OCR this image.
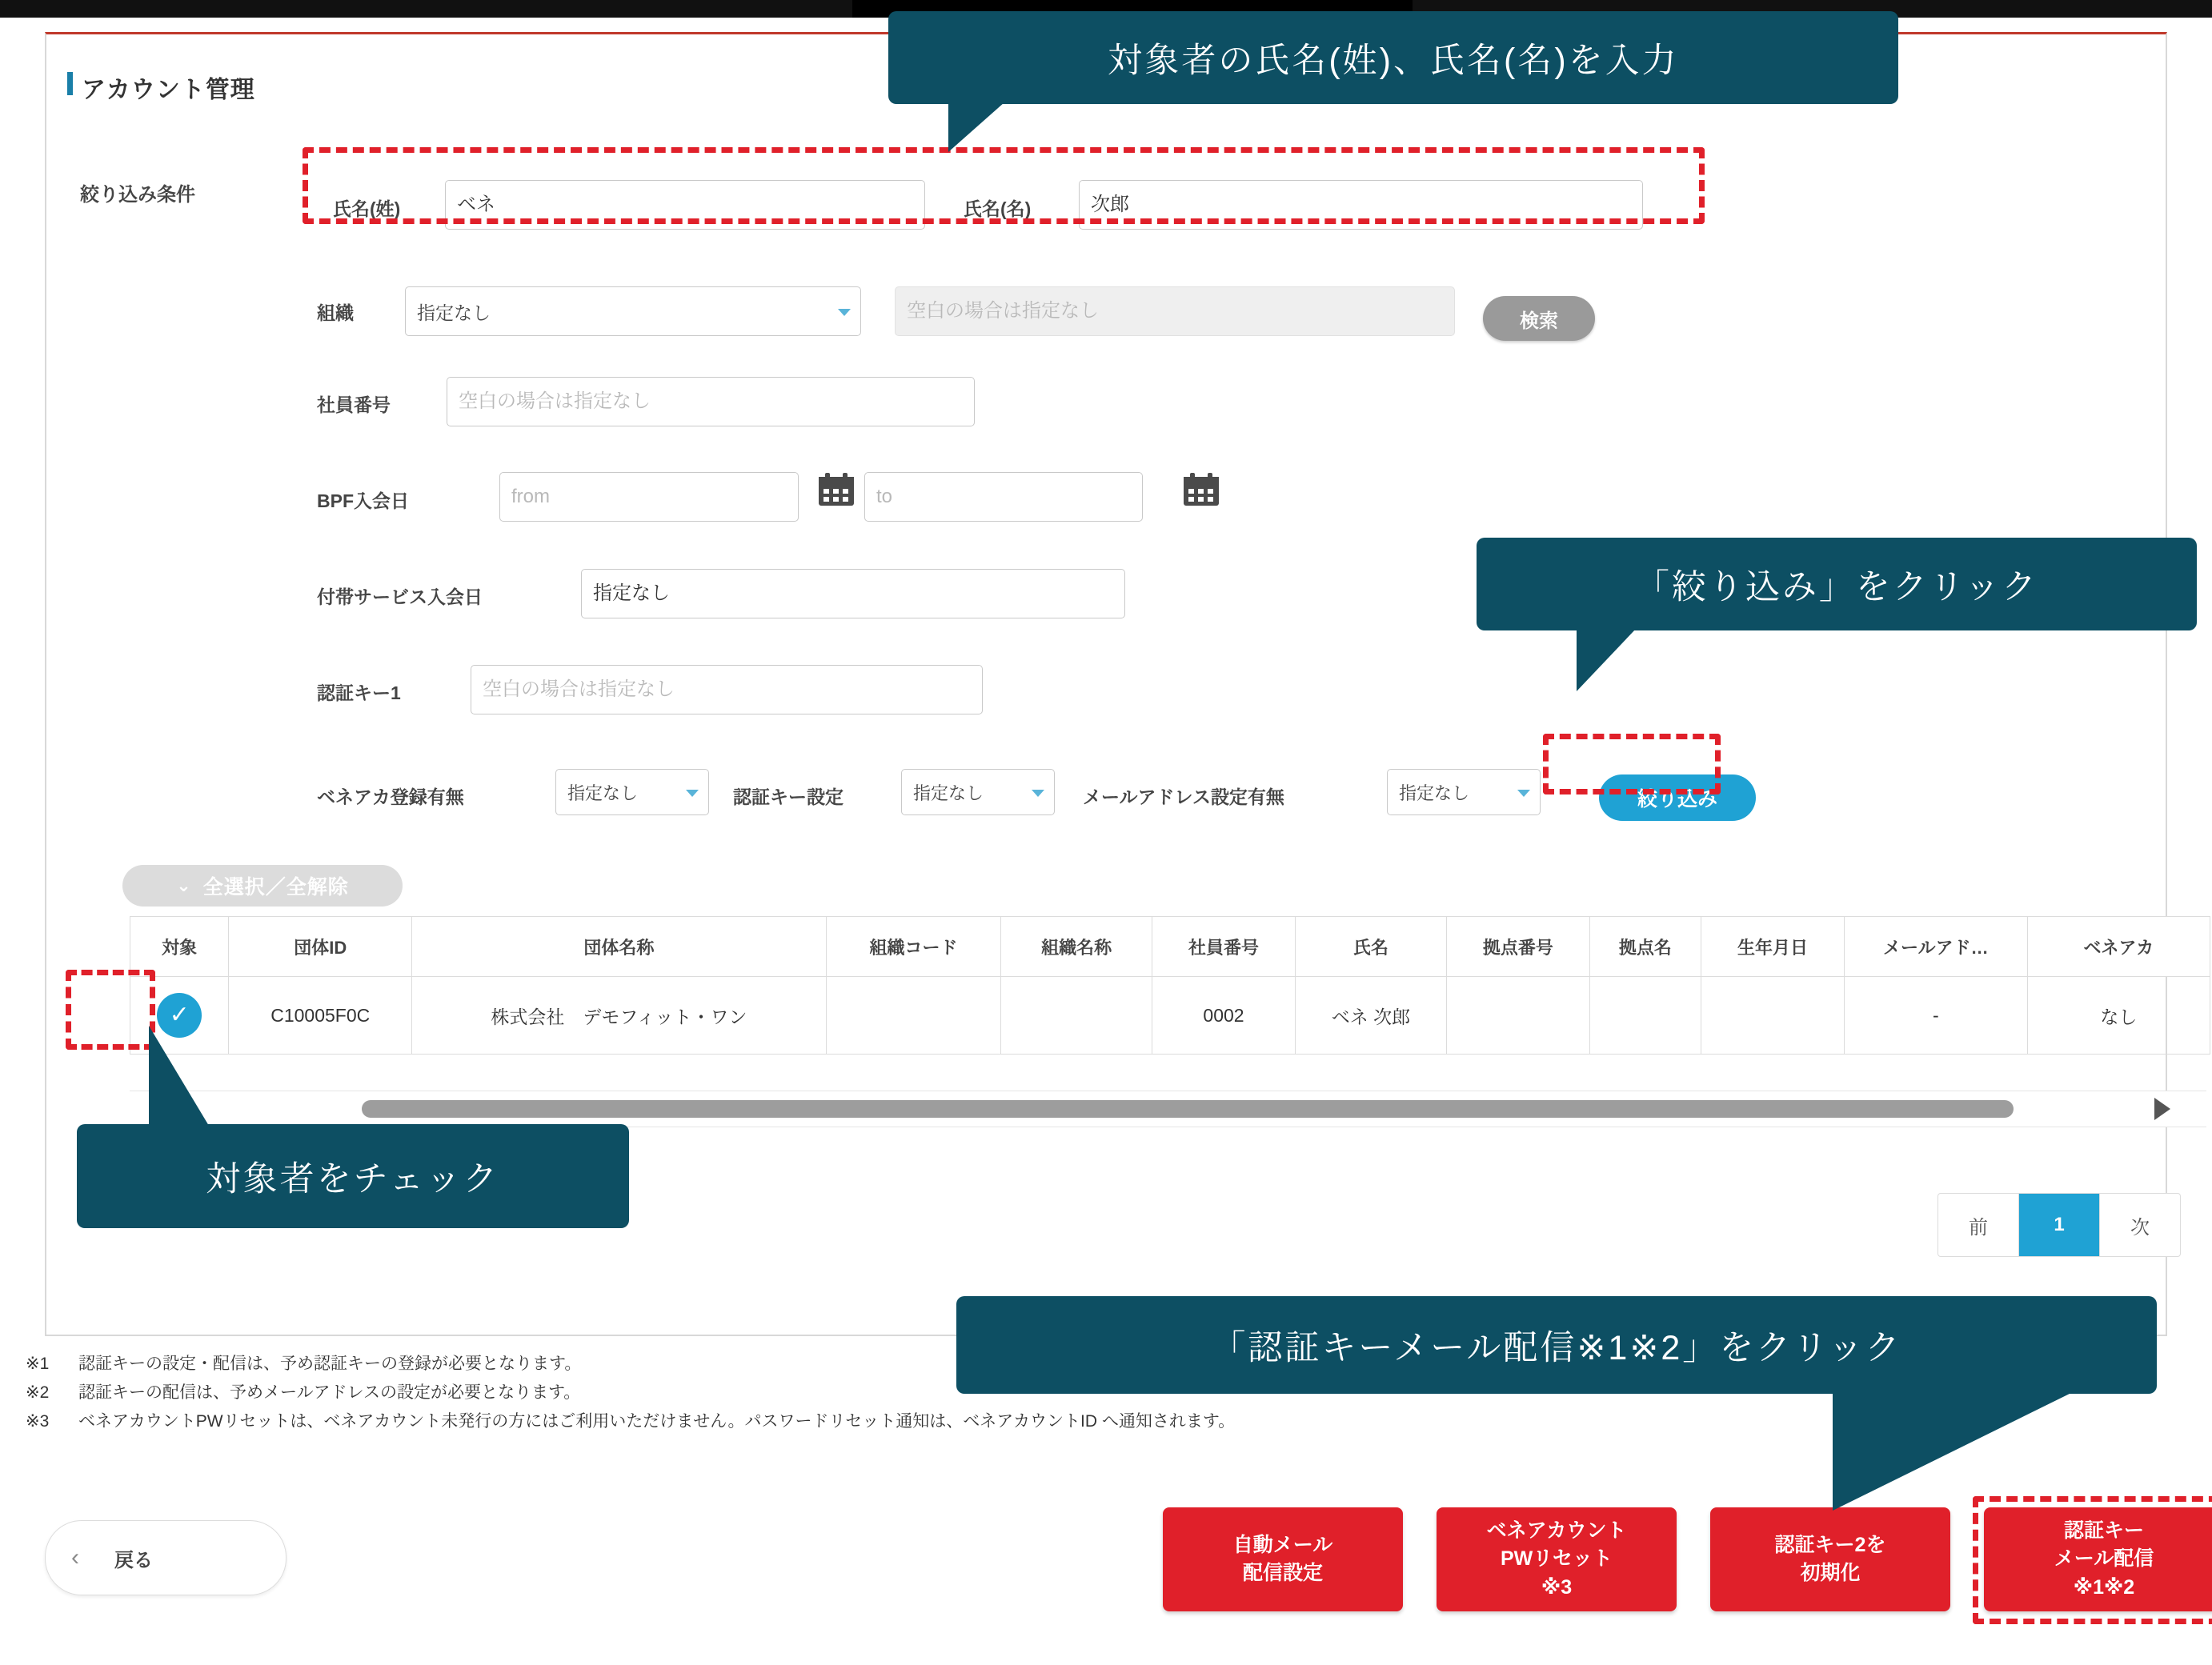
アカウント管理
絞り込み条件
氏名(姓)	ベネ	氏名(名)	次郎
組織	指定なし	空白の場合は指定なし	検索
社員番号	空白の場合は指定なし
BPF入会日	from	to
付帯サービス入会日	指定なし
認証キー1	空白の場合は指定なし
ベネアカ登録有無	指定なし	認証キー設定	指定なし	メールアドレス設定有無	指定なし	絞り込み
⌄ 全選択／全解除
対象	団体ID	団体名称	組織コード	組織名称	社員番号	氏名	拠点番号	拠点名	生年月日	メールアド…	ベネアカ
✓	C10005F0C	株式会社　デモフィット・ワン			0002	ベネ 次郎				-	なし
前	1	次
※1 認証キーの設定・配信は、予め認証キーの登録が必要となります。
※2 認証キーの配信は、予めメールアドレスの設定が必要となります。
※3 ベネアカウントPWリセットは、ベネアカウント未発行の方にはご利用いただけません。パスワードリセット通知は、ベネアカウントID へ通知されます。
‹ 戻る
自動メール
配信設定
ベネアカウント
PWリセット
※3
認証キー2を
初期化
認証キー
メール配信
※1※2
対象者の氏名(姓)、氏名(名)を入力
「絞り込み」をクリック
対象者をチェック
「認証キーメール配信※1※2」をクリック
